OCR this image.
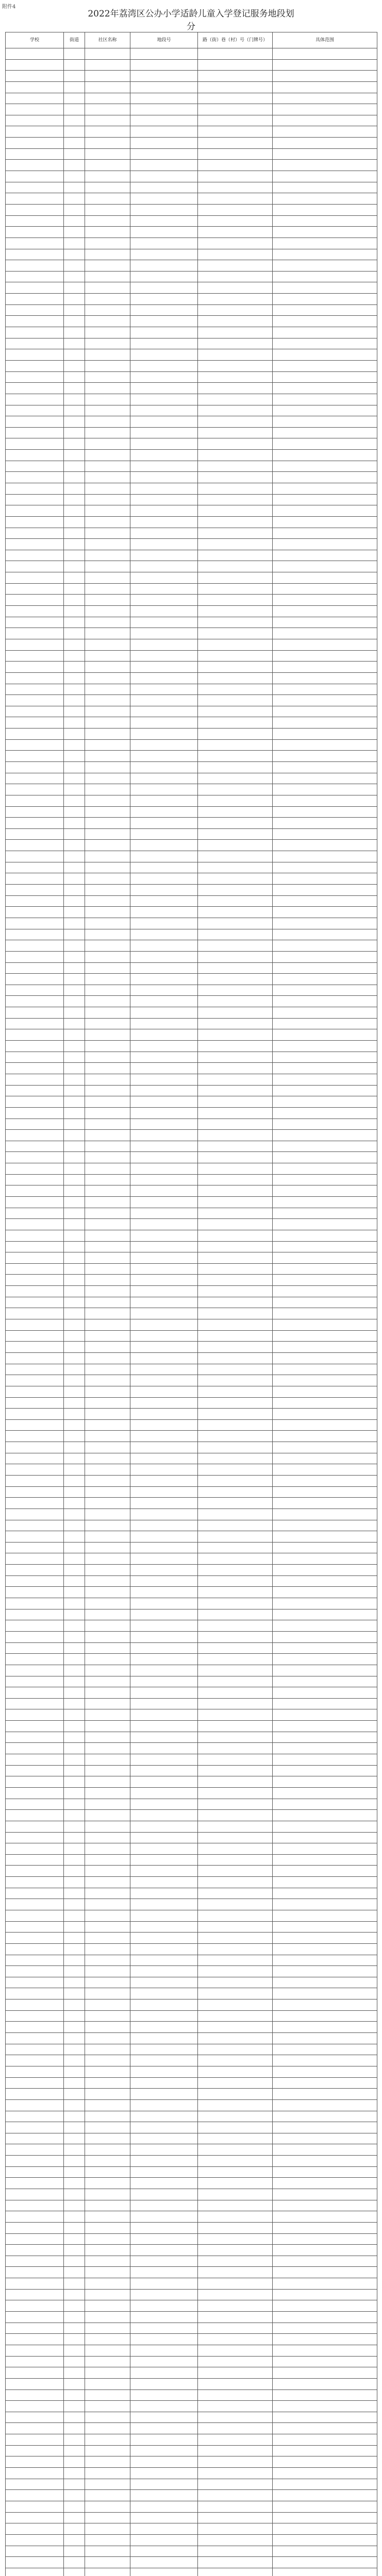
附件4
2022年荔湾区公办小学适龄儿童入学登记服务地段划
分
学校	街道	社区名称	地段号	路（街）巷（村）号（门牌号）	具体范围
